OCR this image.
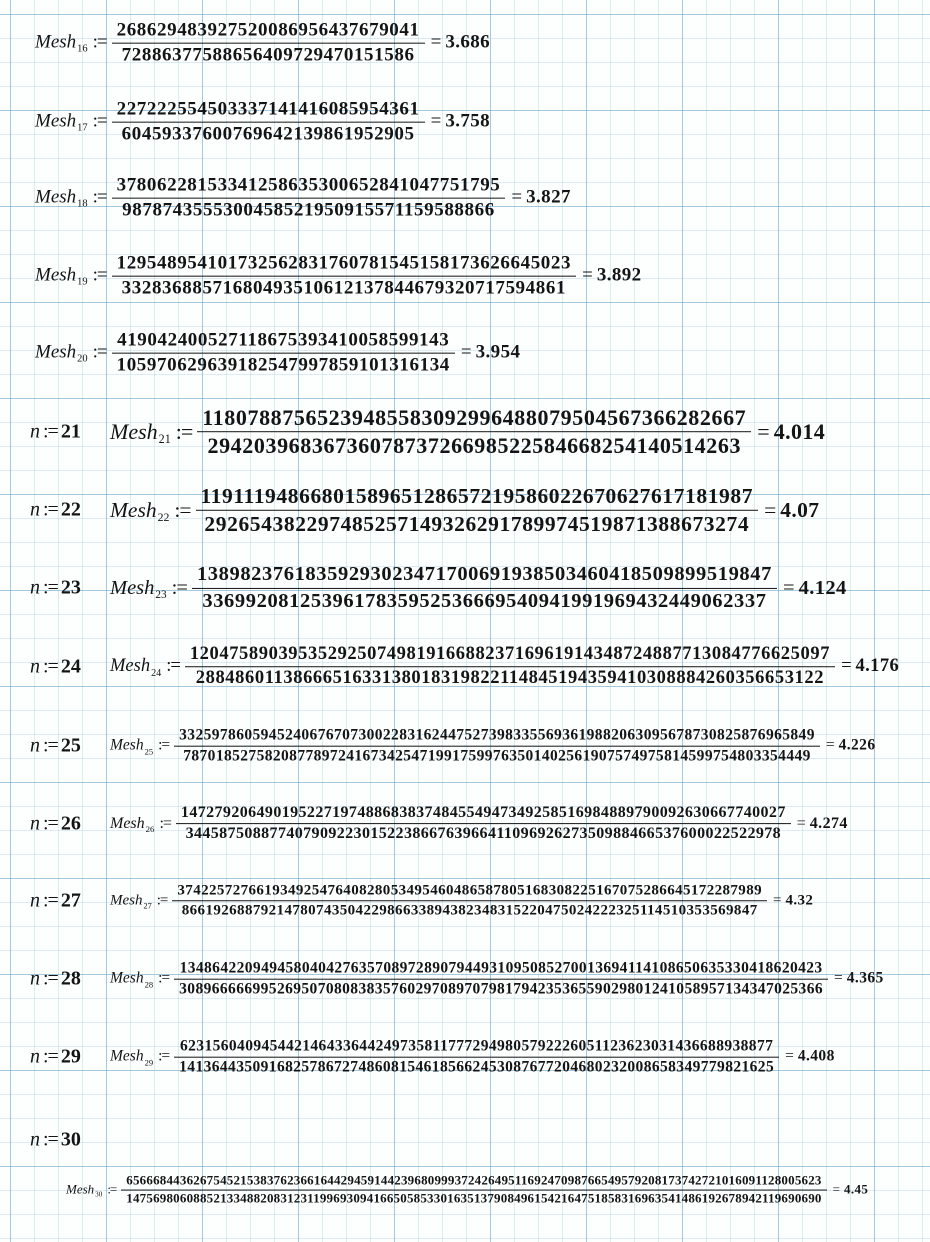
Mesh 16 := $\frac{268629483927520086956437679041}{72886377588656409729470151586} = 3.686$
Mesh 17 := $\frac{227222554503337141416085954361}{60459337600769642139861952905} = 3.758$
Mesh 18 := $\frac{37806228153341258635300652841047751795}{9878743555300458521950915571159588866} = 3.827$
Mesh 19 := $\frac{129548954101732562831760781545158173626645023}{33283688571680493510612137844679320717594861} = 3.892$
Mesh 20 := $\frac{419042400527118675393410058599143}{105970629639182547997859101316134} = 3.954$
n := 21 Mesh 21 := $\frac{11807887565239485583092996488079504567366282667}{2942039683673607873726698522584668254140514263} = 4.014$
n := 22 Mesh 22 := $\frac{1191119486680158965128657219586022670627617181987}{292654382297485257149326291789974519871388673274} = 4.07$
n := 23 Mesh 23 := $\frac{13898237618359293023471700691938503460418509899519847}{3369920812539617835952536669540941991969432449062337} = 4.124$
n := 24 Mesh 24 :=
12047589039535292507498191668823716961914348724887713084776625097
2884860113866651633138018319822114845194359410308884260356653122
= 4.176
n := 25 Mesh 25 :=
332597860594524067670730022831624475273983355693619882063095678730825876965849
78701852758208778972416734254719917599763501402561907574975814599754803354449
= 4.226
n := 26 Mesh 26 :=
147279206490195227197488683837484554947349258516984889790092630667740027
34458750887740790922301522386676396641109692627350988466537600022522978
= 4.274
n := 27 Mesh 27 :=
37422572766193492547640828053495460486587805168308225167075286645172287989
8661926887921478074350422986633894382348315220475024222325114510353569847
= 4.32
n := 28 Mesh 28 :=
1348642209494580404276357089728907944931095085270013694114108650635330418620423
3089666669952695070808383576029708970798179423536559029801241058957134347025366
= 4.365
n := 29 Mesh 29 :=
6231560409454421464336442497358117772949805792226051123623031436688938877
1413644350916825786727486081546185662453087677204680232008658349779821625
= 4.408
n := 30
Mesh 30 :=
65666844362675452153837623661644294591442396809993724264951169247098766549579208173742721016091128005623
14756980608852133488208312311996930941665058533016351379084961542164751858316963541486192678942119690690
= 4.45
